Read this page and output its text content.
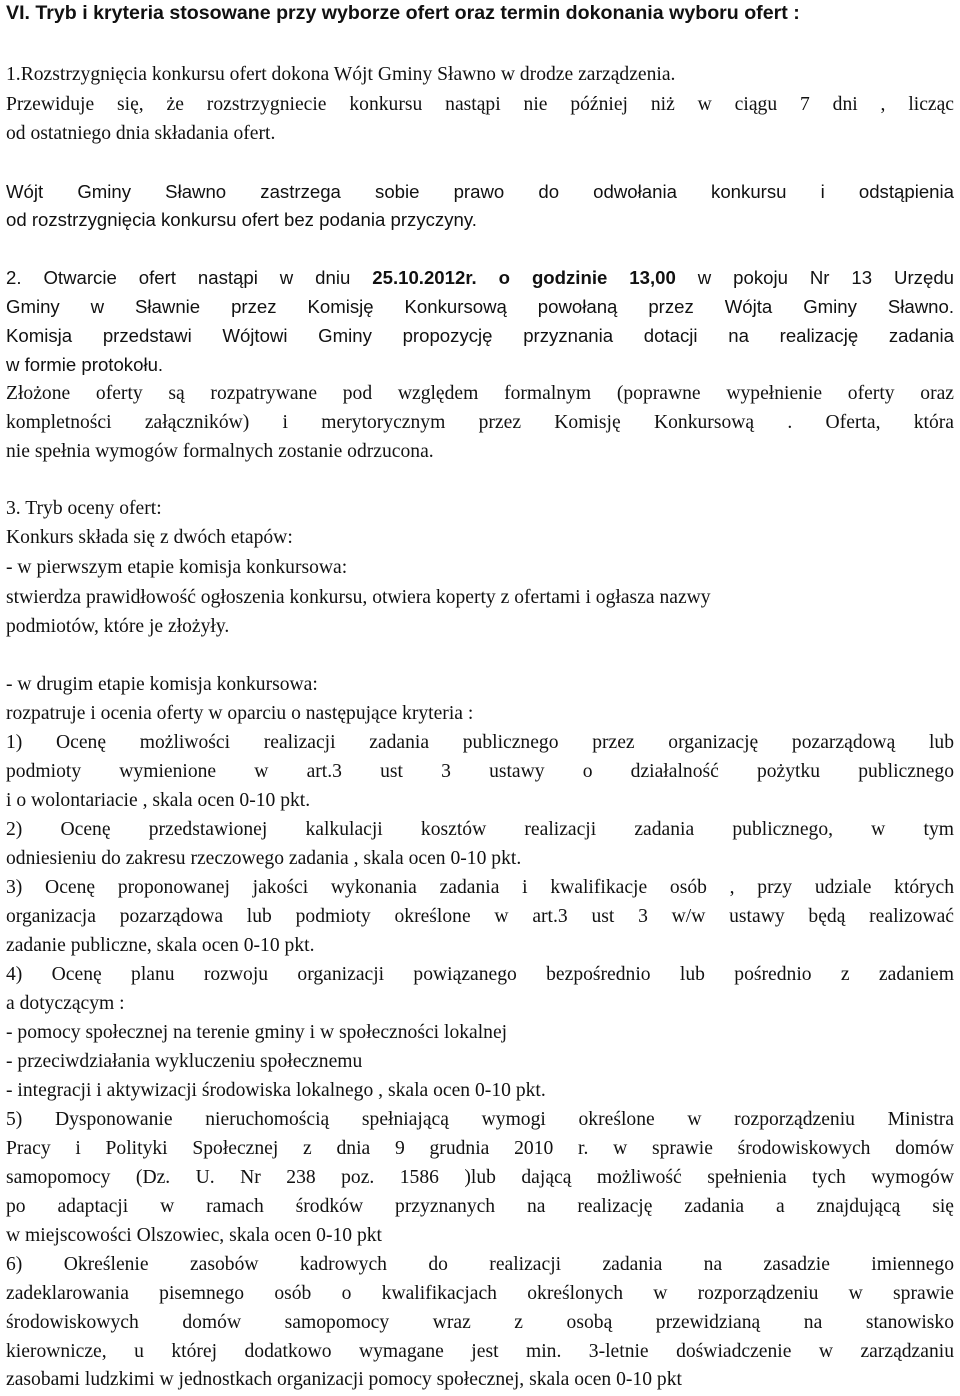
VI. Tryb i kryteria stosowane przy wyborze ofert oraz termin dokonania wyboru ofert :
1.Rozstrzygnięcia konkursu ofert dokona Wójt Gminy Sławno w drodze zarządzenia.
Przewiduje się, że rozstrzygniecie konkursu nastąpi nie później niż w ciągu 7 dni , licząc
od ostatniego dnia składania ofert.
Wójt Gminy Sławno zastrzega sobie prawo do odwołania konkursu i odstąpienia
od rozstrzygnięcia konkursu ofert bez podania przyczyny.
2. Otwarcie ofert nastąpi w dniu 25.10.2012r. o godzinie 13,00 w pokoju Nr 13 Urzędu
Gminy w Sławnie przez Komisję Konkursową powołaną przez Wójta Gminy Sławno.
Komisja przedstawi Wójtowi Gminy propozycję przyznania dotacji na realizację zadania
w formie protokołu.
Złożone oferty są rozpatrywane pod względem formalnym (poprawne wypełnienie oferty oraz
kompletności załączników) i merytorycznym przez Komisję Konkursową . Oferta, która
nie spełnia wymogów formalnych zostanie odrzucona.
3. Tryb oceny ofert:
Konkurs składa się z dwóch etapów:
- w pierwszym etapie komisja konkursowa:
stwierdza prawidłowość ogłoszenia konkursu, otwiera koperty z ofertami i ogłasza nazwy
podmiotów, które je złożyły.
- w drugim etapie komisja konkursowa:
rozpatruje i ocenia oferty w oparciu o następujące kryteria :
1) Ocenę możliwości realizacji zadania publicznego przez organizację pozarządową lub
podmioty wymienione w art.3 ust 3 ustawy o działalność pożytku publicznego
i o wolontariacie , skala ocen 0-10 pkt.
2) Ocenę przedstawionej kalkulacji kosztów realizacji zadania publicznego, w tym
odniesieniu do zakresu rzeczowego zadania , skala ocen 0-10 pkt.
3) Ocenę proponowanej jakości wykonania zadania i kwalifikacje osób , przy udziale których
organizacja pozarządowa lub podmioty określone w art.3 ust 3 w/w ustawy będą realizować
zadanie publiczne, skala ocen 0-10 pkt.
4) Ocenę planu rozwoju organizacji powiązanego bezpośrednio lub pośrednio z zadaniem
a dotyczącym :
- pomocy społecznej na terenie gminy i w społeczności lokalnej
- przeciwdziałania wykluczeniu społecznemu
- integracji i aktywizacji środowiska lokalnego , skala ocen 0-10 pkt.
5) Dysponowanie nieruchomością spełniającą wymogi określone w rozporządzeniu Ministra
Pracy i Polityki Społecznej z dnia 9 grudnia 2010 r. w sprawie środowiskowych domów
samopomocy (Dz. U. Nr 238 poz. 1586 )lub dającą możliwość spełnienia tych wymogów
po adaptacji w ramach środków przyznanych na realizację zadania a znajdującą się
w miejscowości Olszowiec, skala ocen 0-10 pkt
6) Określenie zasobów kadrowych do realizacji zadania na zasadzie imiennego
zadeklarowania pisemnego osób o kwalifikacjach określonych w rozporządzeniu w sprawie
środowiskowych domów samopomocy wraz z osobą przewidzianą na stanowisko
kierownicze, u której dodatkowo wymagane jest min. 3-letnie doświadczenie w zarządzaniu
zasobami ludzkimi w jednostkach organizacji pomocy społecznej, skala ocen 0-10 pkt
